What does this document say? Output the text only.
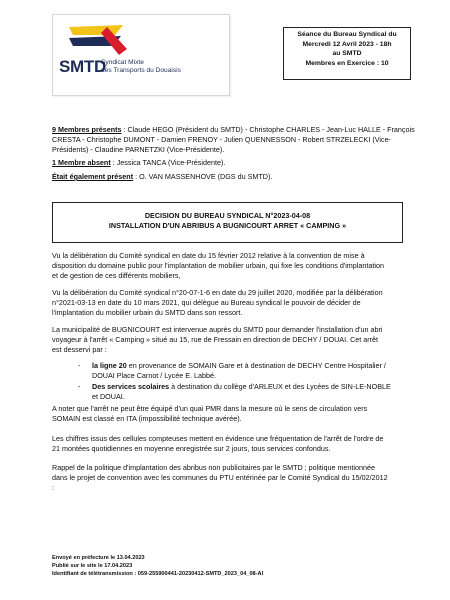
SMTD
Syndicat Mixte
des Transports du Douaisis
Séance du Bureau Syndical du
Mercredi 12 Avril 2023 - 18h
au SMTD
Membres en Exercice : 10
9 Membres présents : Claude HEGO (Président du SMTD) - Christophe CHARLES - Jean-Luc HALLE - François
CRESTA - Christophe DUMONT - Damien FRENOY - Julien QUENNESSON - Robert STRZELECKI (Vice-
Présidents) - Claudine PARNETZKI (Vice-Présidente).
1 Membre absent : Jessica TANCA (Vice-Présidente).
Était également présent : O. VAN MASSENHOVE (DGS du SMTD).
DECISION DU BUREAU SYNDICAL N°2023-04-08
INSTALLATION D'UN ABRIBUS A BUGNICOURT ARRET « CAMPING »
Vu la délibération du Comité syndical en date du 15 février 2012 relative à la convention de mise à
disposition du domaine public pour l'implantation de mobilier urbain, qui fixe les conditions d'implantation
et de gestion de ces différents mobiliers,
Vu la délibération du Comité syndical n°20-07-1-6 en date du 29 juillet 2020, modifiée par la délibération
n°2021-03-13 en date du 10 mars 2021, qui délègue au Bureau syndical le pouvoir de décider de
l'implantation du mobilier urbain du SMTD dans son ressort.
La municipalité de BUGNICOURT est intervenue auprès du SMTD pour demander l'installation d'un abri
voyageur à l'arrêt « Camping » situé au 15, rue de Fressain en direction de DECHY / DOUAI. Cet arrêt
est desservi par :
- la ligne 20 en provenance de SOMAIN Gare et à destination de DECHY Centre Hospitalier /
DOUAI Place Carnot / Lycée E. Labbé.
- Des services scolaires à destination du collège d'ARLEUX et des Lycées de SIN-LE-NOBLE
et DOUAI.
A noter que l'arrêt ne peut être équipé d'un quai PMR dans la mesure où le sens de circulation vers
SOMAIN est classé en ITA (impossibilité technique avérée).
Les chiffres issus des cellules compteuses mettent en évidence une fréquentation de l'arrêt de l'ordre de
21 montées quotidiennes en moyenne enregistrée sur 2 jours, tous services confondus.
Rappel de la politique d'implantation des abribus non publicitaires par le SMTD ; politique mentionnée
dans le projet de convention avec les communes du PTU entérinée par le Comité Syndical du 15/02/2012
:
Envoyé en préfecture le 13.04.2023
Publié sur le site le 17.04.2023
Identifiant de télétransmission : 059-255900441-20230412-SMTD_2023_04_08-AI
